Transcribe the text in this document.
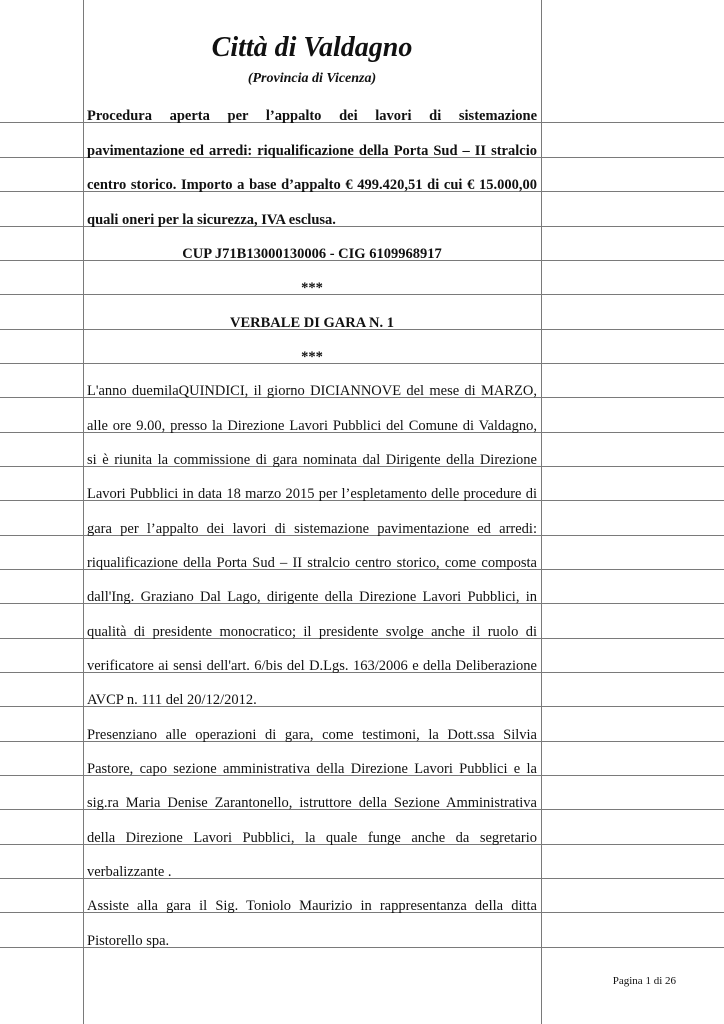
Città di Valdagno
(Provincia di Vicenza)
Procedura aperta per l’appalto dei lavori di sistemazione
pavimentazione ed arredi: riqualificazione della Porta Sud – II stralcio
centro storico. Importo a base d’appalto € 499.420,51 di cui € 15.000,00
quali oneri per la sicurezza, IVA esclusa.
CUP J71B13000130006 - CIG 6109968917
***
VERBALE DI GARA N. 1
***
L'anno duemilaQUINDICI, il giorno DICIANNOVE del mese di MARZO,
alle ore 9.00, presso la Direzione Lavori Pubblici del Comune di Valdagno,
si è riunita la commissione di gara nominata dal Dirigente della Direzione
Lavori Pubblici in data 18 marzo 2015 per l’espletamento delle procedure di
gara per l’appalto dei lavori di sistemazione pavimentazione ed arredi:
riqualificazione della Porta Sud – II stralcio centro storico, come composta
dall'Ing. Graziano Dal Lago, dirigente della Direzione Lavori Pubblici, in
qualità di presidente monocratico; il presidente svolge anche il ruolo di
verificatore ai sensi dell'art. 6/bis del D.Lgs. 163/2006 e della Deliberazione
AVCP n. 111 del 20/12/2012.
Presenziano alle operazioni di gara, come testimoni, la Dott.ssa Silvia
Pastore, capo sezione amministrativa della Direzione Lavori Pubblici e la
sig.ra Maria Denise Zarantonello, istruttore della Sezione Amministrativa
della Direzione Lavori Pubblici, la quale funge anche da segretario
verbalizzante .
Assiste alla gara il Sig. Toniolo Maurizio in rappresentanza della ditta
Pistorello spa.
Pagina 1 di 26
